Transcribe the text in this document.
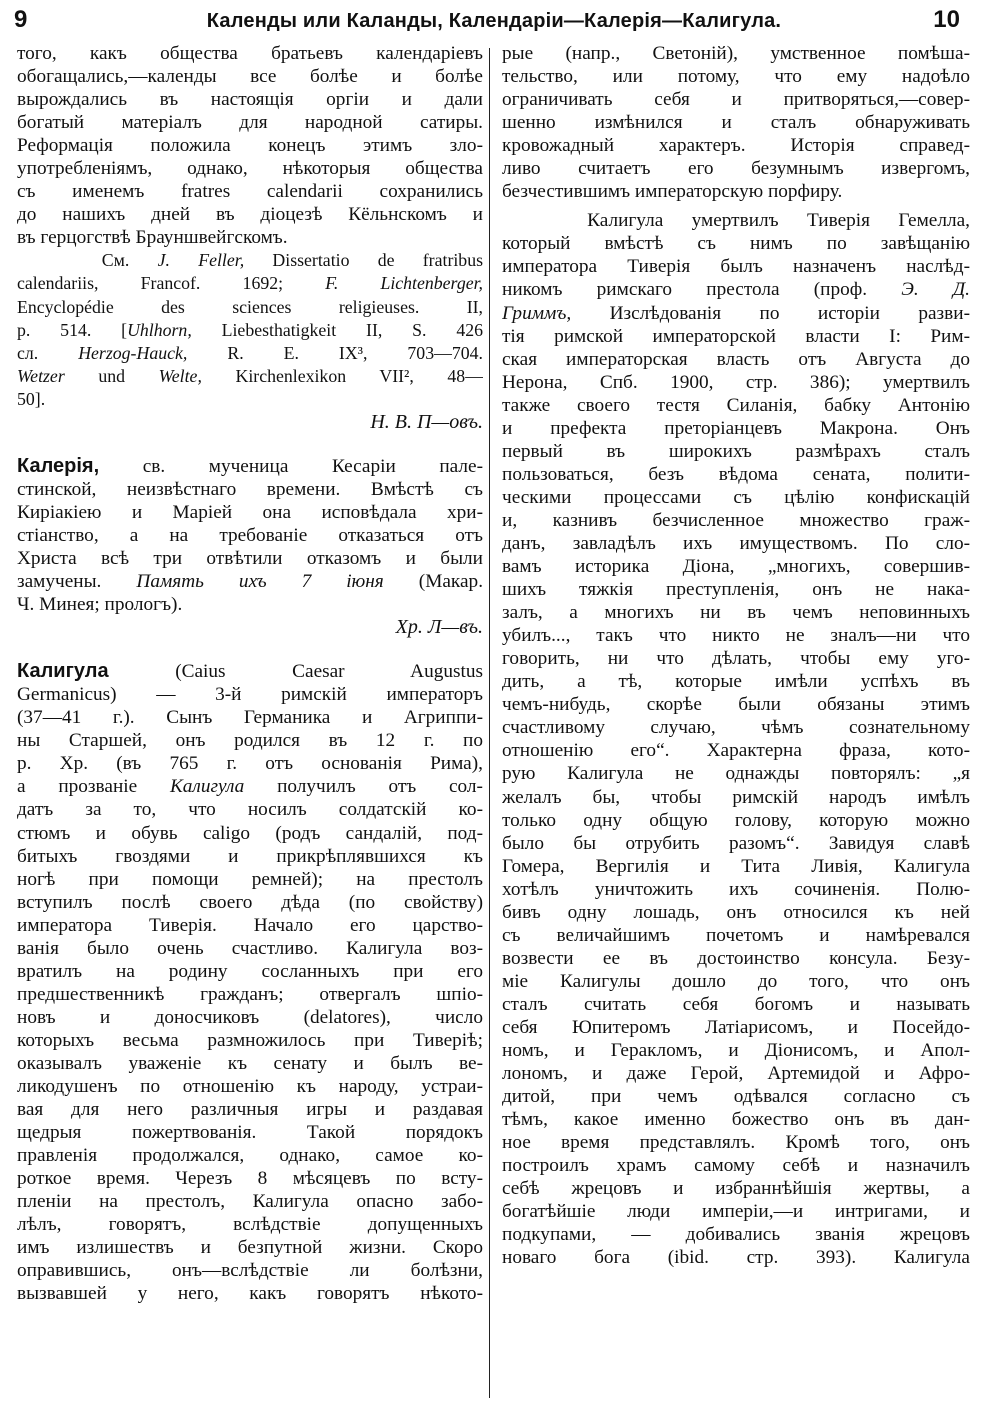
9	Календы или Каланды, Календаріи—Калерія—Калигула.	10
того, какъ общества братьевъ календаріевъ
обогащались,—календы все болѣе и болѣе
вырождались въ настоящія оргіи и дали
богатый матеріалъ для народной сатиры.
Реформація положила конецъ этимъ зло-
употребленіямъ, однако, нѣкоторыя общества
съ именемъ fratres calendarii сохранились
до нашихъ дней въ діоцезѣ Кёльнскомъ и
въ герцогствѣ Брауншвейгскомъ.
См. J. Feller, Dissertatio de fratribus
calendariis, Francof. 1692; F. Lichtenberger,
Encyclopédie des sciences religieuses. II,
p. 514. [Uhlhorn, Liebesthatigkeit II, S. 426
сл. Herzog-Hauck, R. E. IX³, 703—704.
Wetzer und Welte, Kirchenlexikon VII², 48—
50].
Н. В. П—овъ.
Калерія, св. мученица Кесаріи пале-
стинской, неизвѣстнаго времени. Вмѣстѣ съ
Киріакіею и Маріей она исповѣдала хри-
стіанство, а на требованіе отказаться отъ
Христа всѣ три отвѣтили отказомъ и были
замучены. Память ихъ 7 іюня (Макар.
Ч. Минея; прологъ).
Хр. Л—въ.
Калигула	(Caius Caesar Augustus
Germanicus) — 3-й римскій императоръ
(37—41 г.). Сынъ Германика и Агриппи-
ны Старшей, онъ родился въ 12 г. по
р. Хр. (въ 765 г. отъ основанія Рима),
а прозваніе Калигула получилъ отъ сол-
датъ за то, что носилъ солдатскій ко-
стюмъ и обувь caligo (родъ сандалій, под-
битыхъ гвоздями и прикрѣплявшихся къ
ногѣ при помощи ремней); на престолъ
вступилъ послѣ своего дѣда (по свойству)
императора Тиверія. Начало его царство-
ванія было очень счастливо. Калигула воз-
вратилъ на родину сосланныхъ при его
предшественникѣ гражданъ; отвергалъ шпіо-
новъ и доносчиковъ (delatores), число
которыхъ весьма размножилось при Тиверіѣ;
оказывалъ уваженіе къ сенату и былъ ве-
ликодушенъ по отношенію къ народу, устраи-
вая для него различныя игры и раздавая
щедрыя пожертвованія. Такой порядокъ
правленія продолжался, однако, самое ко-
роткое время. Черезъ 8 мѣсяцевъ по всту-
пленіи на престолъ, Калигула опасно забо-
лѣлъ, говорятъ, вслѣдствіе допущенныхъ
имъ излишествъ и безпутной жизни. Скоро
оправившись, онъ—вслѣдствіе ли болѣзни,
вызвавшей у него, какъ говорятъ нѣкото-
рые (напр., Светоній), умственное помѣша-
тельство, или потому, что ему надоѣло
ограничивать себя и притворяться,—совер-
шенно измѣнился и сталъ обнаруживать
кровожадный характеръ. Исторія справед-
ливо считаетъ его безумнымъ извергомъ,
безчестившимъ императорскую порфиру.
Калигула умертвилъ Тиверія Гемелла,
который вмѣстѣ съ нимъ по завѣщанію
императора Тиверія былъ назначенъ наслѣд-
никомъ римскаго престола (проф. Э. Д.
Гриммъ, Изслѣдованія по исторіи разви-
тія римской императорской власти I: Рим-
ская императорская власть отъ Августа до
Нерона, Спб. 1900, стр. 386); умертвилъ
также своего тестя Силанія, бабку Антонію
и префекта преторіанцевъ Макрона. Онъ
первый въ широкихъ размѣрахъ сталъ
пользоваться, безъ вѣдома сената, полити-
ческими процессами съ цѣлію конфискацій
и, казнивъ безчисленное множество граж-
данъ, завладѣлъ ихъ имуществомъ. По сло-
вамъ историка Діона, „многихъ, совершив-
шихъ тяжкія преступленія, онъ не нака-
залъ, а многихъ ни въ чемъ неповинныхъ
убилъ..., такъ что никто не зналъ—ни что
говорить, ни что дѣлать, чтобы ему уго-
дить, а тѣ, которые имѣли успѣхъ въ
чемъ-нибудь, скорѣе были обязаны этимъ
счастливому случаю, чѣмъ сознательному
отношенію его“. Характерна фраза, кото-
рую Калигула не однажды повторялъ: „я
желалъ бы, чтобы римскій народъ имѣлъ
только одну общую голову, которую можно
было бы отрубить разомъ“. Завидуя славѣ
Гомера, Вергилія и Тита Ливія, Калигула
хотѣлъ уничтожить ихъ сочиненія. Полю-
бивъ одну лошадь, онъ относился къ ней
съ величайшимъ почетомъ и намѣревался
возвести ее въ достоинство консула. Безу-
міе Калигулы дошло до того, что онъ
сталъ считать себя богомъ и называть
себя Юпитеромъ Латіарисомъ, и Посейдо-
номъ, и Геракломъ, и Діонисомъ, и Апол-
лономъ, и даже Герой, Артемидой и Афро-
дитой, при чемъ одѣвался согласно съ
тѣмъ, какое именно божество онъ въ дан-
ное время представлялъ. Кромѣ того, онъ
построилъ храмъ самому себѣ и назначилъ
себѣ жрецовъ и избраннѣйшія жертвы, а
богатѣйшіе люди имперіи,—и интригами, и
подкупами, — добивались званія жрецовъ
новаго бога (ibid. стр. 393). Калигула
